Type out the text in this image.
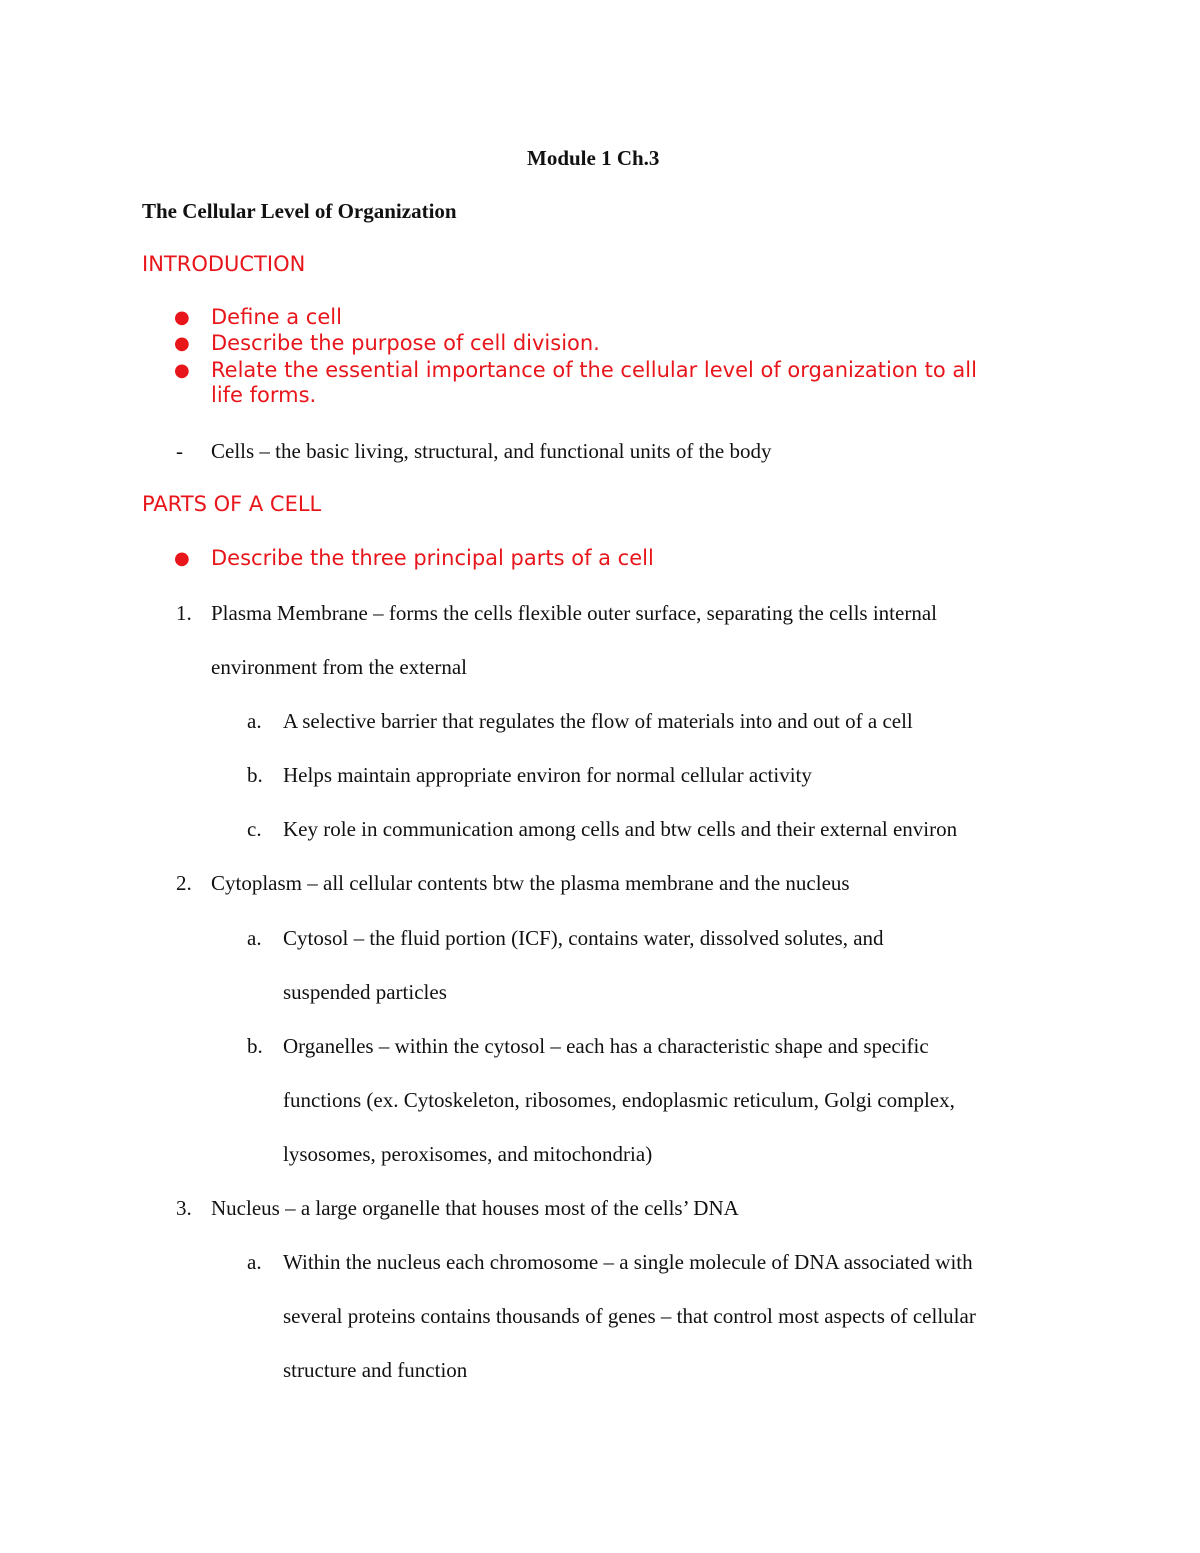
Module 1 Ch.3
The Cellular Level of Organization
INTRODUCTION
● Define a cell
● Describe the purpose of cell division.
● Relate the essential importance of the cellular level of organization to all
life forms.
- Cells – the basic living, structural, and functional units of the body
PARTS OF A CELL
● Describe the three principal parts of a cell
1. Plasma Membrane – forms the cells flexible outer surface, separating the cells internal
environment from the external
a. A selective barrier that regulates the flow of materials into and out of a cell
b. Helps maintain appropriate environ for normal cellular activity
c. Key role in communication among cells and btw cells and their external environ
2. Cytoplasm – all cellular contents btw the plasma membrane and the nucleus
a. Cytosol – the fluid portion (ICF), contains water, dissolved solutes, and
suspended particles
b. Organelles – within the cytosol – each has a characteristic shape and specific
functions (ex. Cytoskeleton, ribosomes, endoplasmic reticulum, Golgi complex,
lysosomes, peroxisomes, and mitochondria)
3. Nucleus – a large organelle that houses most of the cells’ DNA
a. Within the nucleus each chromosome – a single molecule of DNA associated with
several proteins contains thousands of genes – that control most aspects of cellular
structure and function
